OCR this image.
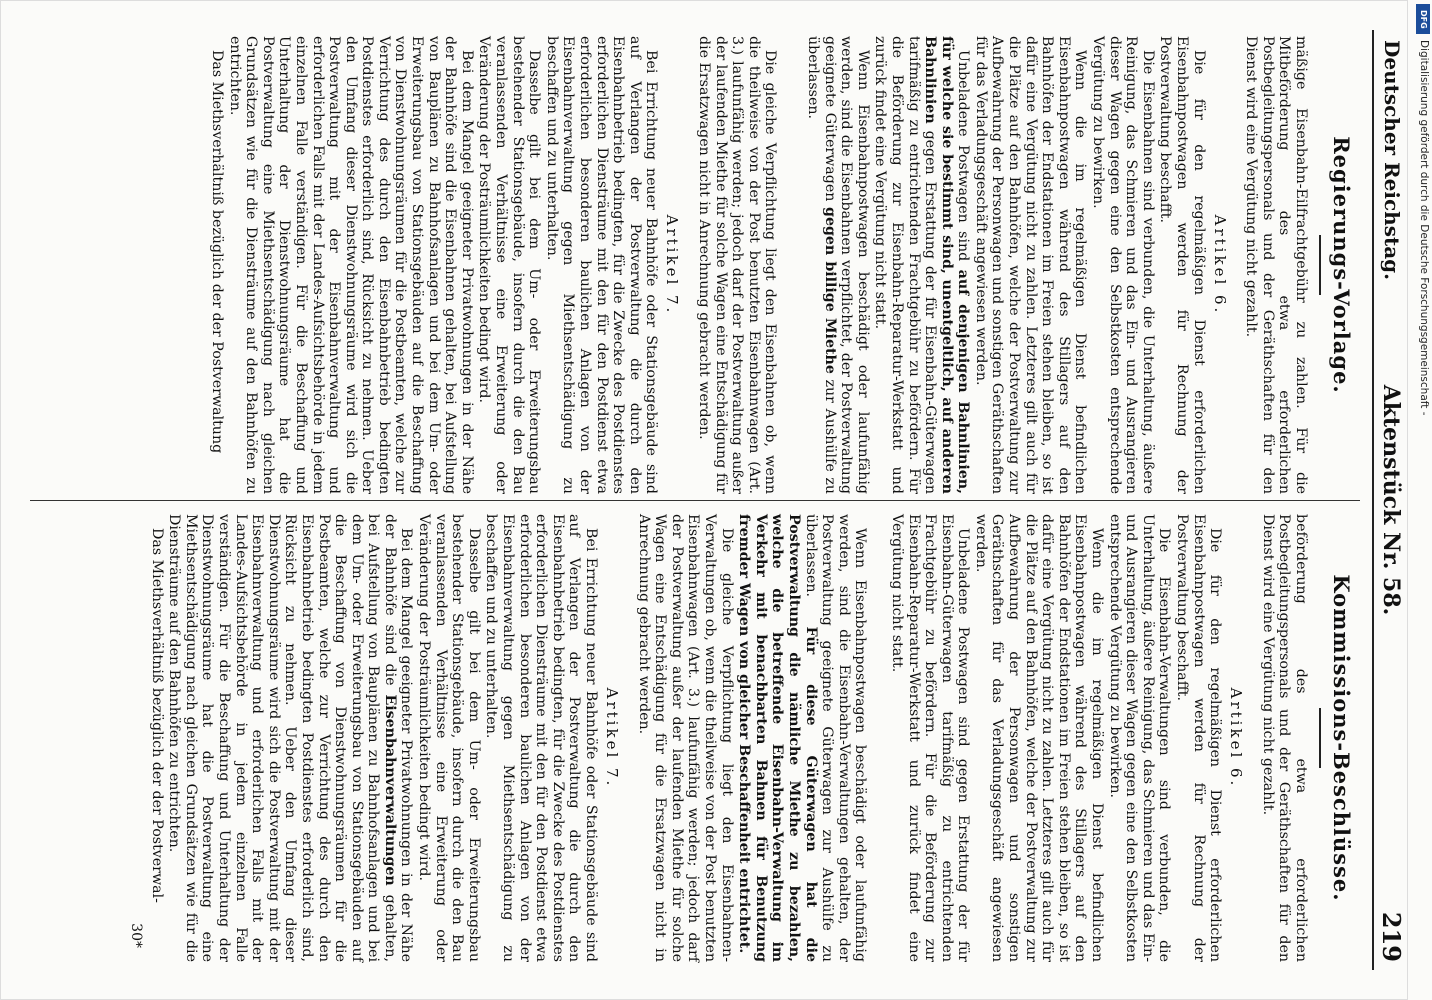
Deutscher Reichstag.
Aktenstück Nr. 58.
219
Regierungs-Vorlage.

mäßige Eisenbahn-Eilfrachtgebühr zu zahlen. Für die Mitbeförderung des etwa erforderlichen Postbegleitungspersonals und der Geräthschaften für den Dienst wird eine Vergütung nicht gezahlt.

Artikel 6.

Die für den regelmäßigen Dienst erforderlichen Eisenbahnpostwagen werden für Rechnung der Postverwaltung beschafft.

Die Eisenbahnen sind verbunden, die Unterhaltung, äußere Reinigung, das Schmieren und das Ein- und Ausrangieren dieser Wagen gegen eine den Selbstkosten entsprechende Vergütung zu bewirken.

Wenn die im regelmäßigen Dienst befindlichen Eisenbahnpostwagen während des Stillagers auf den Bahnhöfen der Endstationen im Freien stehen bleiben, so ist dafür eine Vergütung nicht zu zahlen. Letzteres gilt auch für die Plätze auf den Bahnhöfen, welche der Postverwaltung zur Aufbewahrung der Personwagen und sonstigen Geräthschaften für das Verladungsgeschäft angewiesen werden.

Unbeladene Postwagen sind auf denjenigen Bahnlinien, für welche sie bestimmt sind, unentgeltlich, auf anderen Bahnlinien gegen Erstattung der für Eisenbahn-Güterwagen tarifmäßig zu entrichtenden Frachtgebühr zu befördern. Für die Beförderung zur Eisenbahn-Reparatur-Werkstatt und zurück findet eine Vergütung nicht statt.

Wenn Eisenbahnpostwagen beschädigt oder laufunfähig werden, sind die Eisenbahnen verpflichtet, der Postverwaltung geeignete Güterwagen gegen billige Miethe zur Aushülfe zu überlassen.

Die gleiche Verpflichtung liegt den Eisenbahnen ob, wenn die theilweise von der Post benutzten Eisenbahnwagen (Art. 3.) laufunfähig werden; jedoch darf der Postverwaltung außer der laufenden Miethe für solche Wagen eine Entschädigung für die Ersatzwagen nicht in Anrechnung gebracht werden.

Artikel 7.

Bei Errichtung neuer Bahnhöfe oder Stationsgebäude sind auf Verlangen der Postverwaltung die durch den Eisenbahnbetrieb bedingten, für die Zwecke des Postdienstes erforderlichen Diensträume mit den für den Postdienst etwa erforderlichen besonderen baulichen Anlagen von der Eisenbahnverwaltung gegen Miethsentschädigung zu beschaffen und zu unterhalten.

Dasselbe gilt bei dem Um- oder Erweiterungsbau bestehender Stationsgebäude, insofern durch die den Bau veranlassenden Verhältnisse eine Erweiterung oder Veränderung der Posträumlichkeiten bedingt wird.

Bei dem Mangel geeigneter Privatwohnungen in der Nähe der Bahnhöfe sind die Eisenbahnen gehalten, bei Aufstellung von Bauplänen zu Bahnhofsanlagen und bei dem Um- oder Erweiterungsbau von Stationsgebäuden auf die Beschaffung von Dienstwohnungsräumen für die Postbeamten, welche zur Verrichtung des durch den Eisenbahnbetrieb bedingten Postdienstes erforderlich sind, Rücksicht zu nehmen. Ueber den Umfang dieser Dienstwohnungsräume wird sich die Postverwaltung mit der Eisenbahnverwaltung und erforderlichen Falls mit der Landes-Aufsichtsbehörde in jedem einzelnen Falle verständigen. Für die Beschaffung und Unterhaltung der Dienstwohnungsräume hat die Postverwaltung eine Miethsentschädigung nach gleichen Grundsätzen wie für die Diensträume auf den Bahnhöfen zu entrichten.

Das Miethsverhältniß bezüglich der der Postverwaltung

Kommissions-Beschlüsse.

beförderung des etwa erforderlichen Postbegleitungspersonals und der Geräthschaften für den Dienst wird eine Vergütung nicht gezahlt.

Artikel 6.

Die für den regelmäßigen Dienst erforderlichen Eisenbahnpostwagen werden für Rechnung der Postverwaltung beschafft.

Die Eisenbahn-Verwaltungen sind verbunden, die Unterhaltung, äußere Reinigung, das Schmieren und das Ein- und Ausrangieren dieser Wagen gegen eine den Selbstkosten entsprechende Vergütung zu bewirken.

Wenn die im regelmäßigen Dienst befindlichen Eisenbahnpostwagen während des Stillagers auf den Bahnhöfen der Endstationen im Freien stehen bleiben, so ist dafür eine Vergütung nicht zu zahlen. Letzteres gilt auch für die Plätze auf den Bahnhöfen, welche der Postverwaltung zur Aufbewahrung der Personwagen und sonstigen Geräthschaften für das Verladungsgeschäft angewiesen werden.

Unbeladene Postwagen sind gegen Erstattung der für Eisenbahn-Güterwagen tarifmäßig zu entrichtenden Frachtgebühr zu befördern. Für die Beförderung zur Eisenbahn-Reparatur-Werkstatt und zurück findet eine Vergütung nicht statt.

Wenn Eisenbahnpostwagen beschädigt oder laufunfähig werden, sind die Eisenbahn-Verwaltungen gehalten, der Postverwaltung geeignete Güterwagen zur Aushülfe zu überlassen. Für diese Güterwagen hat die Postverwaltung die nämliche Miethe zu bezahlen, welche die betreffende Eisenbahn-Verwaltung im Verkehr mit benachbarten Bahnen für Benutzung fremder Wagen von gleicher Beschaffenheit entrichtet.

Die gleiche Verpflichtung liegt den Eisenbahnen-Verwaltungen ob, wenn die theilweise von der Post benutzten Eisenbahnwagen (Art. 3.) laufunfähig werden; jedoch darf der Postverwaltung außer der laufenden Miethe für solche Wagen eine Entschädigung für die Ersatzwagen nicht in Anrechnung gebracht werden.

Artikel 7.

Bei Errichtung neuer Bahnhöfe oder Stationsgebäude sind auf Verlangen der Postverwaltung die durch den Eisenbahnbetrieb bedingten, für die Zwecke des Postdienstes erforderlichen Diensträume mit den für den Postdienst etwa erforderlichen besonderen baulichen Anlagen von der Eisenbahnverwaltung gegen Miethsentschädigung zu beschaffen und zu unterhalten.

Dasselbe gilt bei dem Um- oder Erweiterungsbau bestehender Stationsgebäude, insofern durch die den Bau veranlassenden Verhältnisse eine Erweiterung oder Veränderung der Posträumlichkeiten bedingt wird.

Bei dem Mangel geeigneter Privatwohnungen in der Nähe der Bahnhöfe sind die Eisenbahnverwaltungen gehalten, bei Aufstellung von Bauplänen zu Bahnhofsanlagen und bei dem Um- oder Erweiterungsbau von Stationsgebäuden auf die Beschaffung von Dienstwohnungsräumen für die Postbeamten, welche zur Verrichtung des durch den Eisenbahnbetrieb bedingten Postdienstes erforderlich sind, Rücksicht zu nehmen. Ueber den Umfang dieser Dienstwohnungsräume wird sich die Postverwaltung mit der Eisenbahnverwaltung und erforderlichen Falls mit der Landes-Aufsichtsbehörde in jedem einzelnen Falle verständigen. Für die Beschaffung und Unterhaltung der Dienstwohnungsräume hat die Postverwaltung eine Miethsentschädigung nach gleichen Grundsätzen wie für die Diensträume auf den Bahnhöfen zu entrichten.

Das Miethsverhältniß bezüglich der der Postverwal-

30*
Digitalisierung gefördert durch die Deutsche Forschungsgemeinschaft -
DFG
